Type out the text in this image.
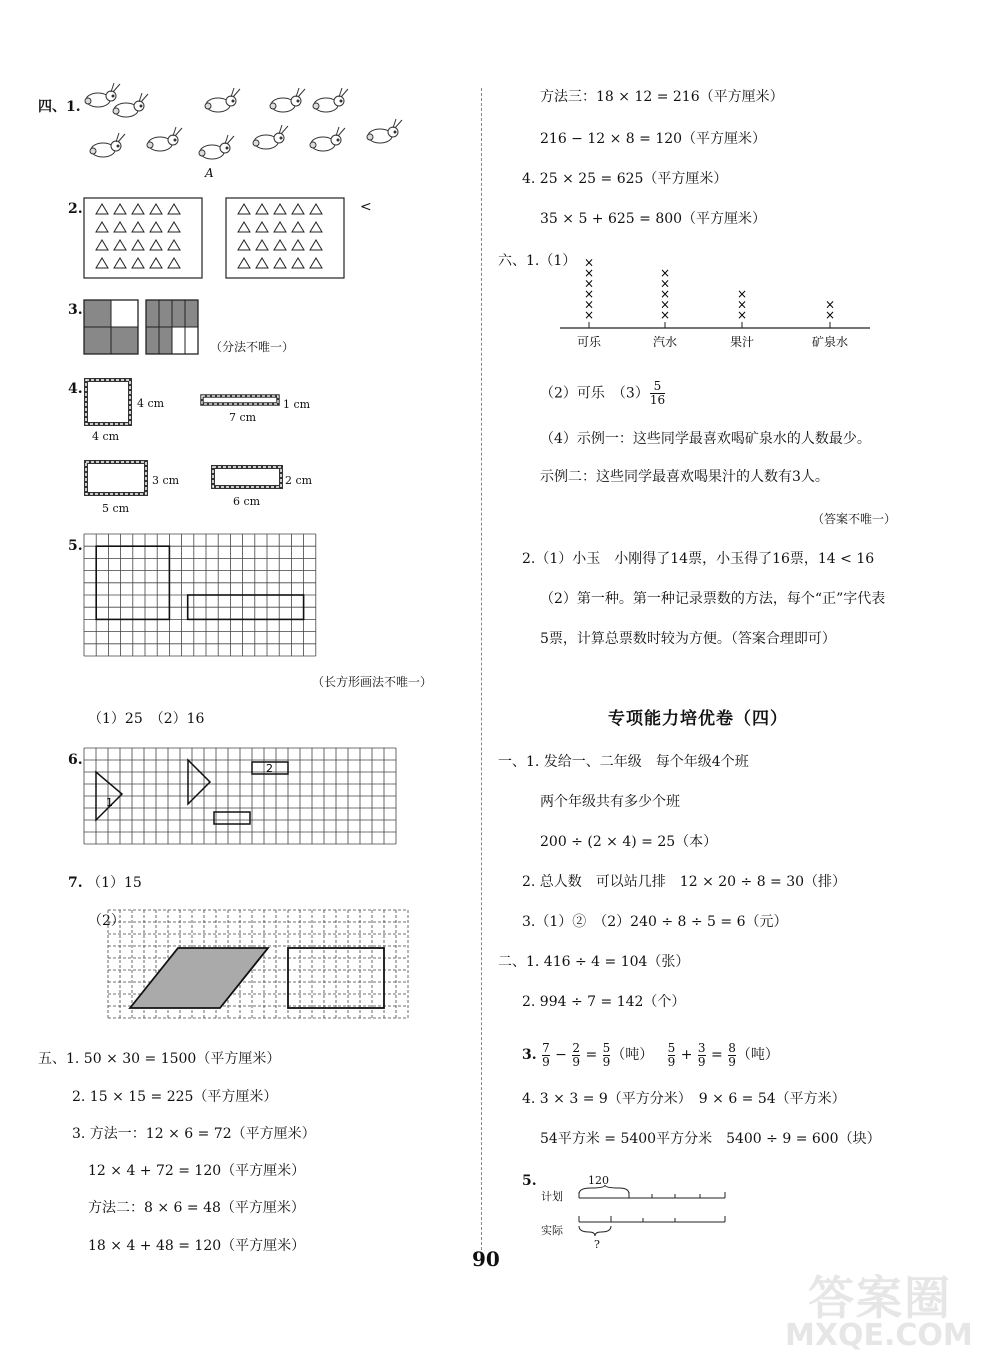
四、1.
A
2.	<
3.
（分法不唯一）
4.
4 cm
4 cm
7 cm
1 cm
3 cm
5 cm
2 cm
6 cm
5.
（长方形画法不唯一）
（1）25　（2）16
6.
1
2
7. （1）15
（2）
五、1. 50 × 30 = 1500（平方厘米）
2. 15 × 15 = 225（平方厘米）
3. 方法一：12 × 6 = 72（平方厘米）
12 × 4 + 72 = 120（平方厘米）
方法二：8 × 6 = 48（平方厘米）
18 × 4 + 48 = 120（平方厘米）
方法三：18 × 12 = 216（平方厘米）
216 − 12 × 8 = 120（平方厘米）
4. 25 × 25 = 625（平方厘米）
35 × 5 + 625 = 800（平方厘米）
六、1.（1）
×
×
×
×
×
×
可乐
×
×
×
×
×
汽水
×
×
×
果汁
×
×
矿泉水
（2）可乐　$(3) \frac{5}{16}$
（4）示例一：这些同学最喜欢喝矿泉水的人数最少。
示例二：这些同学最喜欢喝果汁的人数有3人。
（答案不唯一）
2.（1）小玉　小刚得了14票，小玉得了16票，14 < 16
（2）第一种。第一种记录票数的方法，每个“正”字代表
5票，计算总票数时较为方便。（答案合理即可）
专项能力培优卷（四）
一、1. 发给一、二年级　每个年级4个班
两个年级共有多少个班
200 ÷ (2 × 4) = 25（本）
2. 总人数　可以站几排　12 × 20 ÷ 8 = 30（排）
3.（1）②　（2）240 ÷ 8 ÷ 5 = 6（元）
二、1. 416 ÷ 4 = 104（张）
2. 994 ÷ 7 = 142（个）
3. $\frac{7}{9} - \frac{2}{9} = \frac{5}{9}$ （吨） $\frac{5}{9} + \frac{3}{9} = \frac{8}{9}$ （吨）
4. 3 × 3 = 9（平方分米）　9 × 6 = 54（平方米）
54平方米 = 5400平方分米　5400 ÷ 9 = 600（块）
5.	120
计划
实际
?
90
答案圈
MXQE.COM
